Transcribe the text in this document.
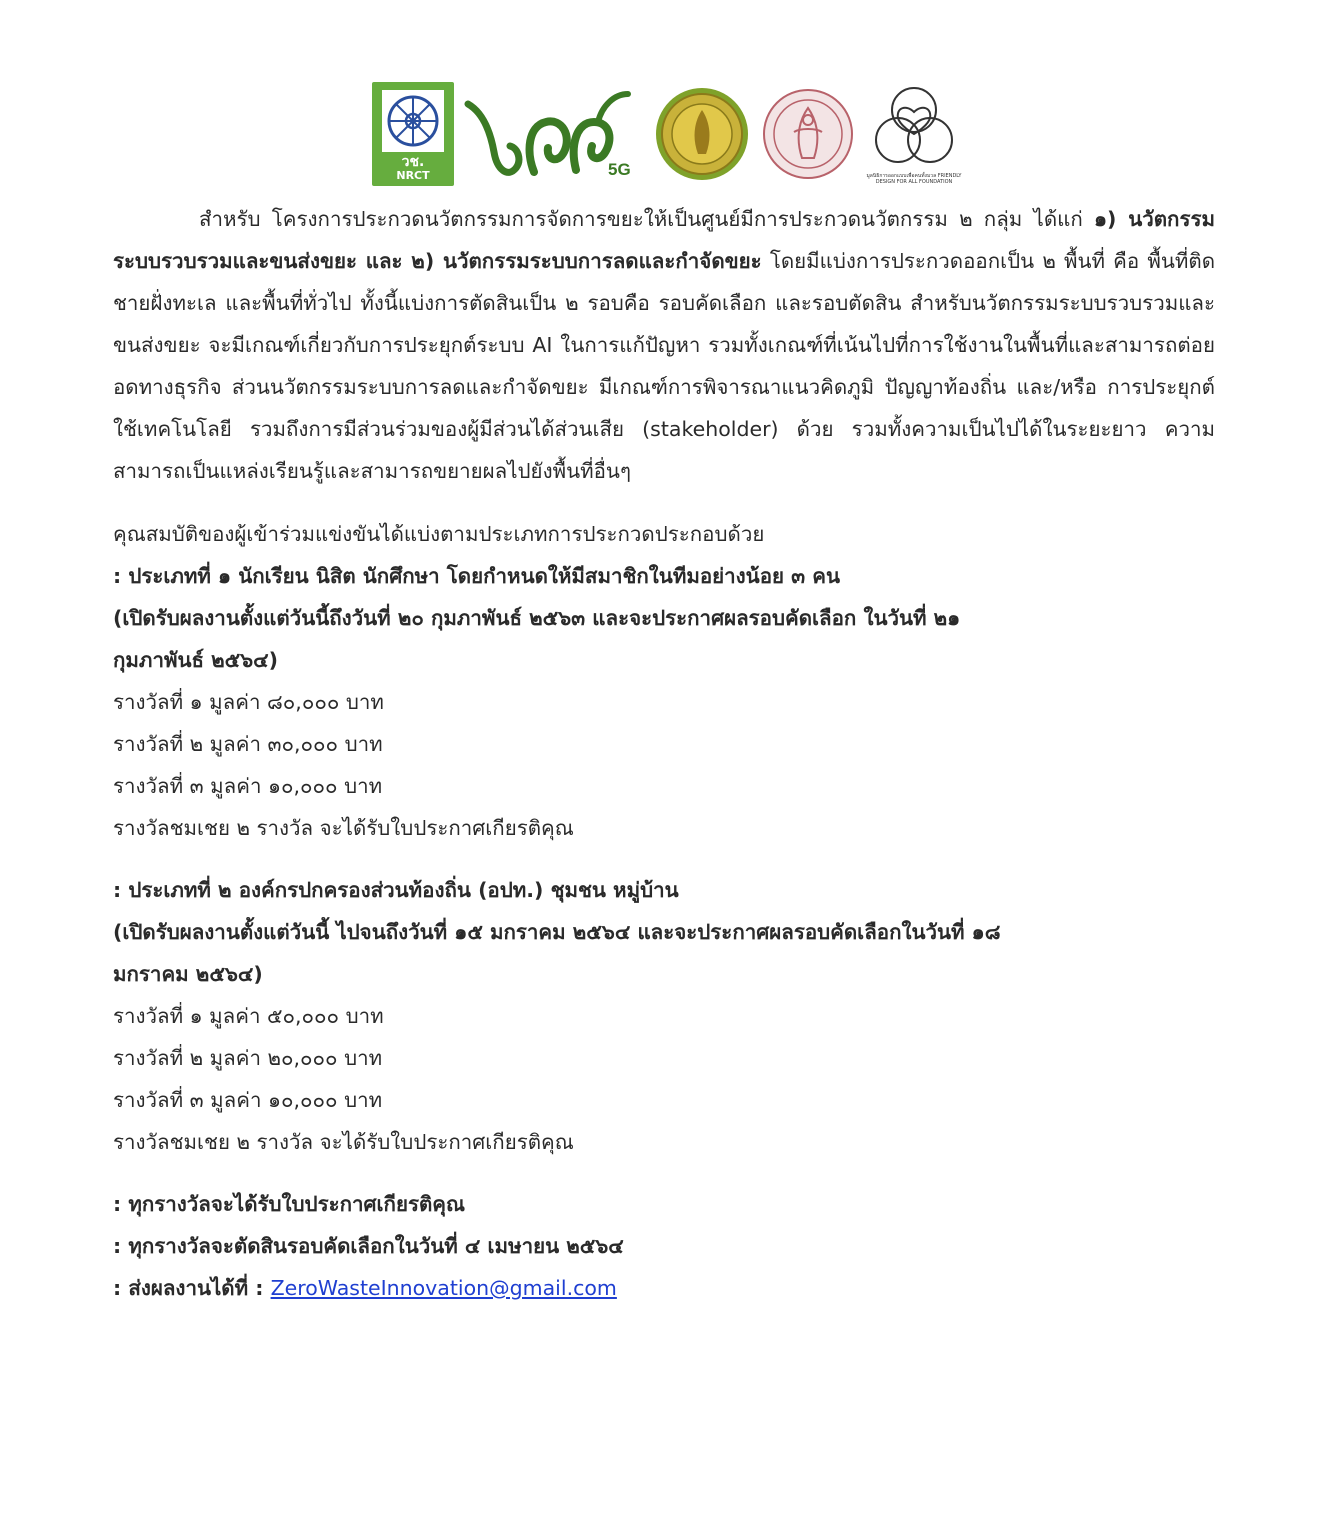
วช.
NRCT	5G	มูลนิธิการออกแบบเพื่อคนทั้งมวล FRIENDLY DESIGN FOR ALL FOUNDATION

สำหรับ โครงการประกวดนวัตกรรมการจัดการขยะให้เป็นศูนย์มีการประกวดนวัตกรรม ๒ กลุ่ม ได้แก่ ๑) นวัตกรรมระบบรวบรวมและขนส่งขยะ และ ๒) นวัตกรรมระบบการลดและกำจัดขยะ โดยมีแบ่งการประกวดออกเป็น ๒ พื้นที่ คือ พื้นที่ติดชายฝั่งทะเล และพื้นที่ทั่วไป ทั้งนี้แบ่งการตัดสินเป็น ๒ รอบคือ รอบคัดเลือก และรอบตัดสิน สำหรับนวัตกรรมระบบรวบรวมและขนส่งขยะ จะมีเกณฑ์เกี่ยวกับการประยุกต์ระบบ AI ในการแก้ปัญหา รวมทั้งเกณฑ์ที่เน้นไปที่การใช้งานในพื้นที่และสามารถต่อยอดทางธุรกิจ ส่วนนวัตกรรมระบบการลดและกำจัดขยะ มีเกณฑ์การพิจารณาแนวคิดภูมิ ปัญญาท้องถิ่น และ/หรือ การประยุกต์ใช้เทคโนโลยี รวมถึงการมีส่วนร่วมของผู้มีส่วนได้ส่วนเสีย (stakeholder) ด้วย รวมทั้งความเป็นไปได้ในระยะยาว ความสามารถเป็นแหล่งเรียนรู้และสามารถขยายผลไปยังพื้นที่อื่นๆ

คุณสมบัติของผู้เข้าร่วมแข่งขันได้แบ่งตามประเภทการประกวดประกอบด้วย

: ประเภทที่ ๑ นักเรียน นิสิต นักศึกษา โดยกำหนดให้มีสมาชิกในทีมอย่างน้อย ๓ คน

(เปิดรับผลงานตั้งแต่วันนี้ถึงวันที่ ๒๐ กุมภาพันธ์ ๒๕๖๓ และจะประกาศผลรอบคัดเลือก ในวันที่ ๒๑

กุมภาพันธ์ ๒๕๖๔)

รางวัลที่ ๑ มูลค่า ๘๐,๐๐๐ บาท

รางวัลที่ ๒ มูลค่า ๓๐,๐๐๐ บาท

รางวัลที่ ๓ มูลค่า ๑๐,๐๐๐ บาท

รางวัลชมเชย ๒ รางวัล จะได้รับใบประกาศเกียรติคุณ

: ประเภทที่ ๒ องค์กรปกครองส่วนท้องถิ่น (อปท.) ชุมชน หมู่บ้าน

(เปิดรับผลงานตั้งแต่วันนี้ ไปจนถึงวันที่ ๑๕ มกราคม ๒๕๖๔ และจะประกาศผลรอบคัดเลือกในวันที่ ๑๘

มกราคม ๒๕๖๔)

รางวัลที่ ๑ มูลค่า ๕๐,๐๐๐ บาท

รางวัลที่ ๒ มูลค่า ๒๐,๐๐๐ บาท

รางวัลที่ ๓ มูลค่า ๑๐,๐๐๐ บาท

รางวัลชมเชย ๒ รางวัล จะได้รับใบประกาศเกียรติคุณ

: ทุกรางวัลจะได้รับใบประกาศเกียรติคุณ

: ทุกรางวัลจะตัดสินรอบคัดเลือกในวันที่ ๔ เมษายน ๒๕๖๔

: ส่งผลงานได้ที่ : ZeroWasteInnovation@gmail.com
